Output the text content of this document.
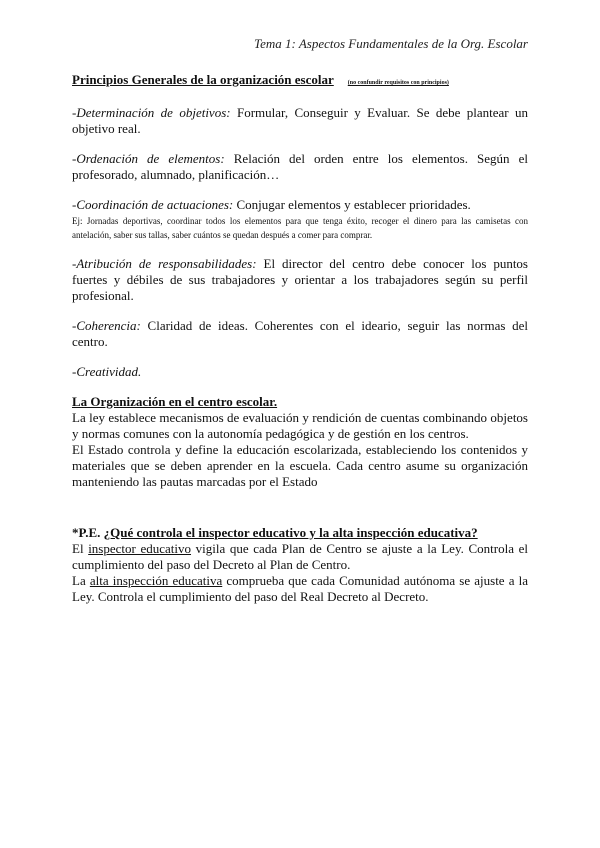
Tema 1: Aspectos Fundamentales de la Org. Escolar

Principios Generales de la organización escolar (no confundir requisitos con principios)

-Determinación de objetivos: Formular, Conseguir y Evaluar. Se debe plantear un objetivo real.

-Ordenación de elementos: Relación del orden entre los elementos. Según el profesorado, alumnado, planificación…

-Coordinación de actuaciones: Conjugar elementos y establecer prioridades.

Ej: Jornadas deportivas, coordinar todos los elementos para que tenga éxito, recoger el dinero para las camisetas con antelación, saber sus tallas, saber cuántos se quedan después a comer para comprar.

-Atribución de responsabilidades: El director del centro debe conocer los puntos fuertes y débiles de sus trabajadores y orientar a los trabajadores según su perfil profesional.

-Coherencia: Claridad de ideas. Coherentes con el ideario, seguir las normas del centro.

-Creatividad.

La Organización en el centro escolar.

La ley establece mecanismos de evaluación y rendición de cuentas combinando objetos y normas comunes con la autonomía pedagógica y de gestión en los centros.

El Estado controla y define la educación escolarizada, estableciendo los contenidos y materiales que se deben aprender en la escuela. Cada centro asume su organización manteniendo las pautas marcadas por el Estado

*P.E. ¿Qué controla el inspector educativo y la alta inspección educativa?

El inspector educativo vigila que cada Plan de Centro se ajuste a la Ley. Controla el cumplimiento del paso del Decreto al Plan de Centro.

La alta inspección educativa comprueba que cada Comunidad autónoma se ajuste a la Ley. Controla el cumplimiento del paso del Real Decreto al Decreto.
